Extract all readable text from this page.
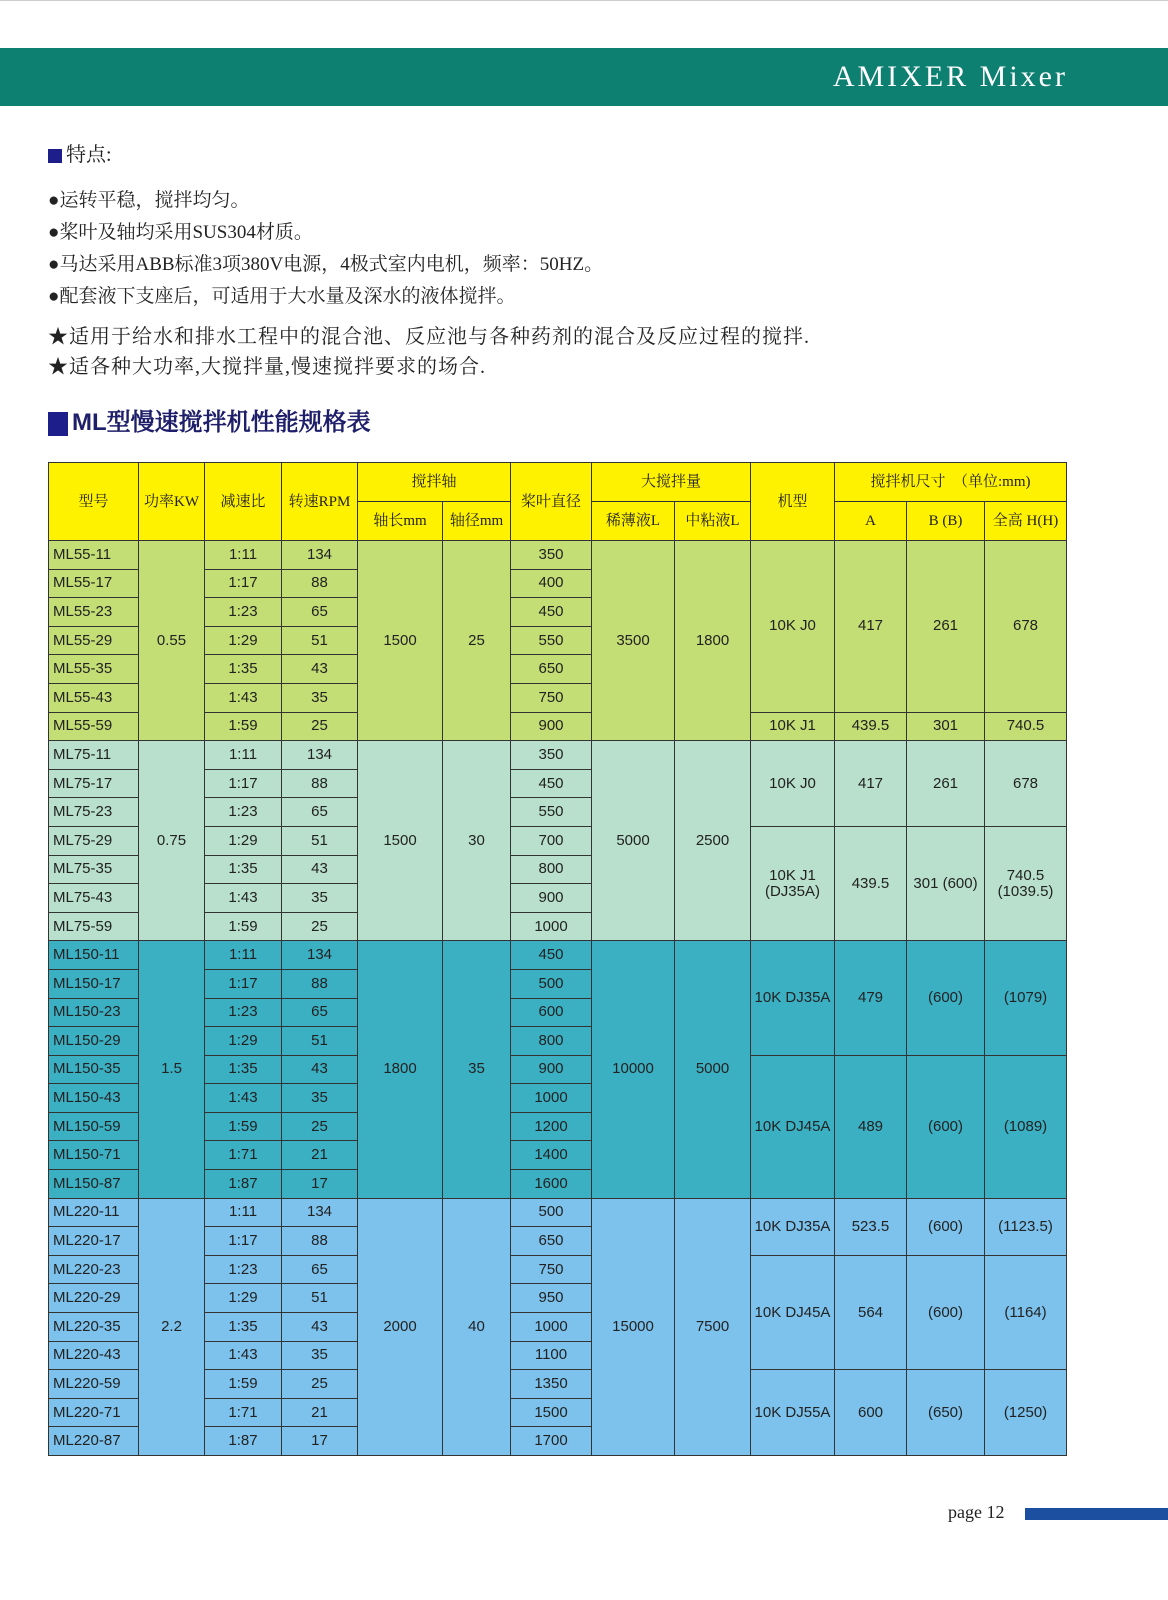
AMIXER Mixer
特点:
●运转平稳，搅拌均匀。
●桨叶及轴均采用SUS304材质。
●马达采用ABB标准3项380V电源，4极式室内电机，频率：50HZ。
●配套液下支座后，可适用于大水量及深水的液体搅拌。
★适用于给水和排水工程中的混合池、反应池与各种药剂的混合及反应过程的搅拌.
★适各种大功率,大搅拌量,慢速搅拌要求的场合.
ML型慢速搅拌机性能规格表
型号	功率KW	减速比	转速RPM	搅拌轴		桨叶直径	大搅拌量		机型	搅拌机尺寸　（单位:mm)		
				轴长mm	轴径mm		稀薄液L	中粘液L		A	B (B)	全高 H(H)
ML55-11	0.55	1:11	134	1500	25	350	3500	1800	10K J0	417	261	678
ML55-17		1:17	88			400						
ML55-23		1:23	65			450						
ML55-29		1:29	51			550						
ML55-35		1:35	43			650						
ML55-43		1:43	35			750						
ML55-59		1:59	25			900			10K J1	439.5	301	740.5
ML75-11	0.75	1:11	134	1500	30	350	5000	2500	10K J0	417	261	678
ML75-17		1:17	88			450						
ML75-23		1:23	65			550						
ML75-29		1:29	51			700			10K J1 (DJ35A)	439.5	301 (600)	740.5 (1039.5)
ML75-35		1:35	43			800						
ML75-43		1:43	35			900						
ML75-59		1:59	25			1000						
ML150-11	1.5	1:11	134	1800	35	450	10000	5000	10K DJ35A	479	(600)	(1079)
ML150-17		1:17	88			500						
ML150-23		1:23	65			600						
ML150-29		1:29	51			800						
ML150-35		1:35	43			900			10K DJ45A	489	(600)	(1089)
ML150-43		1:43	35			1000						
ML150-59		1:59	25			1200						
ML150-71		1:71	21			1400						
ML150-87		1:87	17			1600						
ML220-11	2.2	1:11	134	2000	40	500	15000	7500	10K DJ35A	523.5	(600)	(1123.5)
ML220-17		1:17	88			650						
ML220-23		1:23	65			750			10K DJ45A	564	(600)	(1164)
ML220-29		1:29	51			950						
ML220-35		1:35	43			1000						
ML220-43		1:43	35			1100						
ML220-59		1:59	25			1350			10K DJ55A	600	(650)	(1250)
ML220-71		1:71	21			1500						
ML220-87		1:87	17			1700						
page 12
